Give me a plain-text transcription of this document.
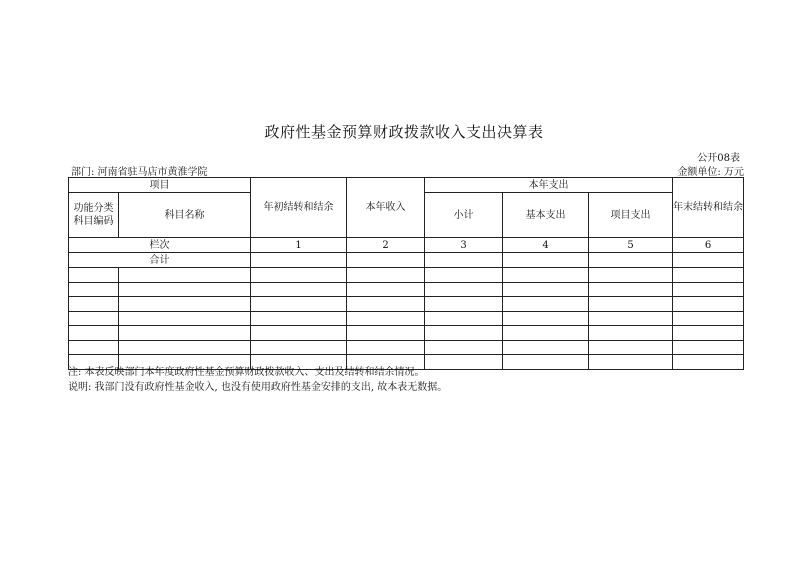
政府性基金预算财政拨款收入支出决算表
公开08表
部门: 河南省驻马店市黄淮学院	金额单位: 万元
项目		年初结转和结余	本年收入	本年支出			年末结转和结余
功能分类科目编码	科目名称			小计	基本支出	项目支出	
栏次		1	2	3	4	5	6
合计							

注: 本表反映部门本年度政府性基金预算财政拨款收入、支出及结转和结余情况。
说明: 我部门没有政府性基金收入, 也没有使用政府性基金安排的支出, 故本表无数据。
